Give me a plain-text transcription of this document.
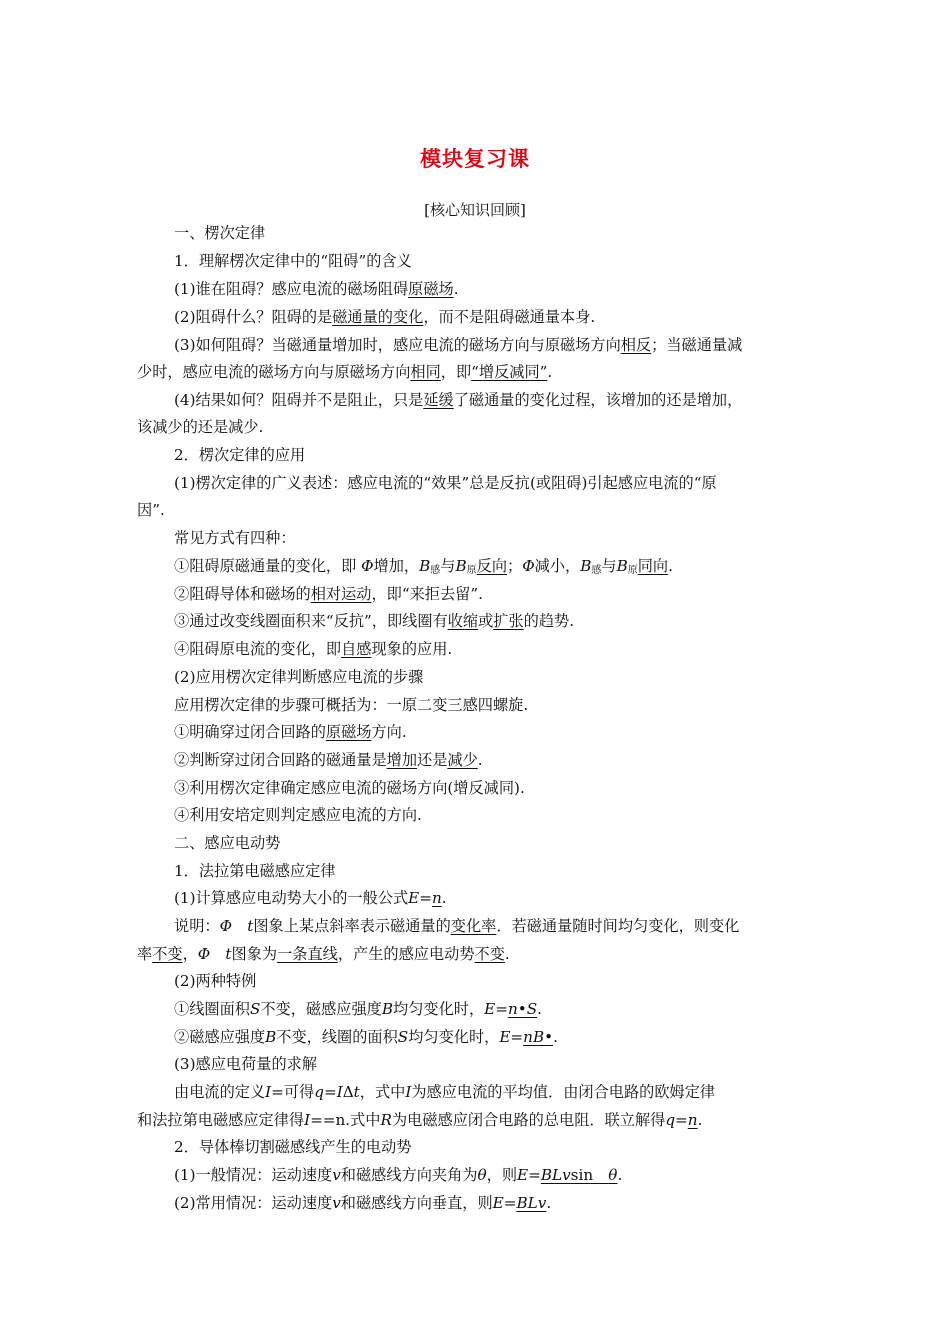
模块复习课
[核心知识回顾]
一、楞次定律
1．理解楞次定律中的“阻碍”的含义
(1)谁在阻碍？感应电流的磁场阻碍原磁场.
(2)阻碍什么？阻碍的是磁通量的变化，而不是阻碍磁通量本身.
(3)如何阻碍？当磁通量增加时，感应电流的磁场方向与原磁场方向相反；当磁通量减
少时，感应电流的磁场方向与原磁场方向相同，即“增反减同”.
(4)结果如何？阻碍并不是阻止，只是延缓了磁通量的变化过程，该增加的还是增加，
该减少的还是减少.
2．楞次定律的应用
(1)楞次定律的广义表述：感应电流的“效果”总是反抗(或阻碍)引起感应电流的“原
因”.
常见方式有四种：
①阻碍原磁通量的变化，即 Φ增加，$B_感$与$B_原$反向；Φ减小，$B_感$与$B_原$同向.
②阻碍导体和磁场的相对运动，即“来拒去留”.
③通过改变线圈面积来“反抗”，即线圈有收缩或扩张的趋势.
④阻碍原电流的变化，即自感现象的应用.
(2)应用楞次定律判断感应电流的步骤
应用楞次定律的步骤可概括为：一原二变三感四螺旋.
①明确穿过闭合回路的原磁场方向.
②判断穿过闭合回路的磁通量是增加还是减少.
③利用楞次定律确定感应电流的磁场方向(增反减同).
④利用安培定则判定感应电流的方向.
二、感应电动势
1．法拉第电磁感应定律
(1)计算感应电动势大小的一般公式E=n.
说明：Φ　 t图象上某点斜率表示磁通量的变化率．若磁通量随时间均匀变化，则变化
率不变，Φ　 t图象为一条直线，产生的感应电动势不变.
(2)两种特例
①线圈面积S不变，磁感应强度B均匀变化时，E=n•S.
②磁感应强度B不变，线圈的面积S均匀变化时，E=nB•.
(3)感应电荷量的求解
由电流的定义I=可得q=IΔt，式中I为感应电流的平均值．由闭合电路的欧姆定律
和法拉第电磁感应定律得I==n.式中R为电磁感应闭合电路的总电阻．联立解得q=n.
2．导体棒切割磁感线产生的电动势
(1)一般情况：运动速度v和磁感线方向夹角为θ，则E=BLvsin　θ.
(2)常用情况：运动速度v和磁感线方向垂直，则E=BLv.
